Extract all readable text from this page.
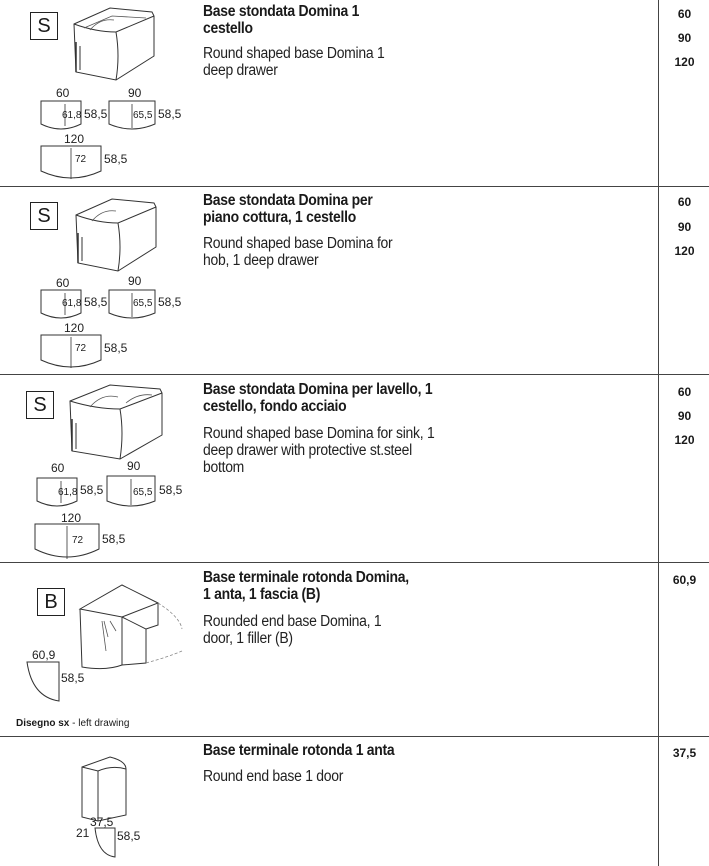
S
60
61,8 58,5
90
65,5 58,5
120
72 58,5
Base stondata Domina 1 cestello
Round shaped base Domina 1 deep drawer
60
90
120
S
60
61,8 58,5
90
65,5 58,5
120
72 58,5
Base stondata Domina per piano cottura, 1 cestello
Round shaped base Domina for hob, 1 deep drawer
60
90
120
S
60
61,8 58,5
90
65,5 58,5
120
72 58,5
Base stondata Domina per lavello, 1 cestello, fondo acciaio
Round shaped base Domina for sink, 1 deep drawer with protective st.steel bottom
60
90
120
B
60,9
58,5
Disegno sx - left drawing
Base terminale rotonda Domina, 1 anta, 1 fascia (B)
Rounded end base Domina, 1 door, 1 filler (B)
60,9
37,5
21 58,5
Base terminale rotonda 1 anta
Round end base 1 door
37,5
